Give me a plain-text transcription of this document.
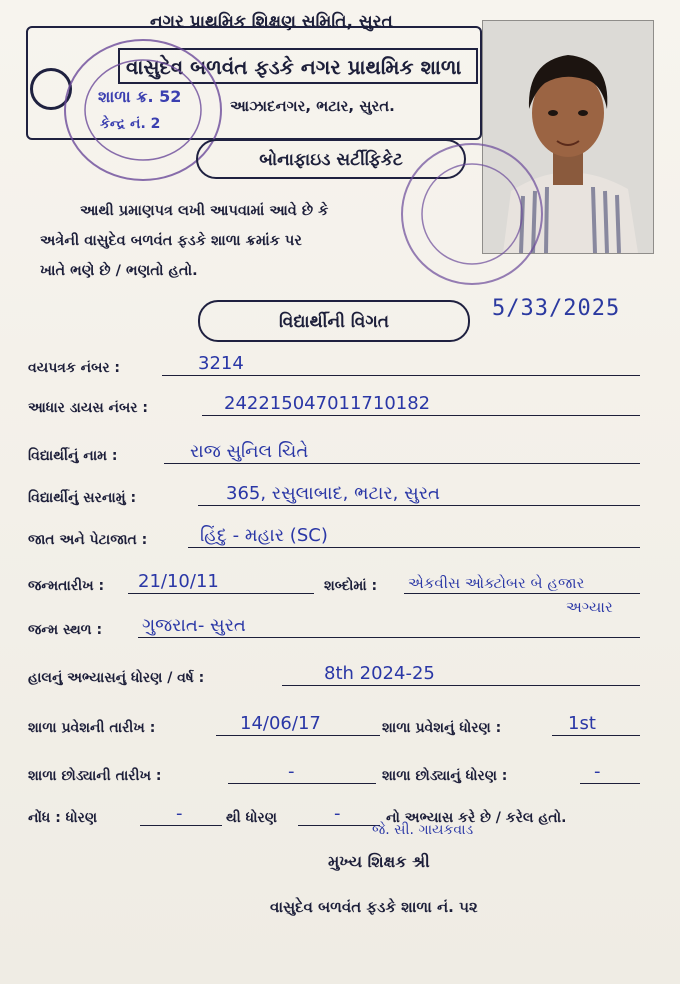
નગર પ્રાથમિક શિક્ષણ સમિતિ, સુરત
વાસુદેવ બળવંત ફડકે નગર પ્રાથમિક શાળા
આઝાદનગર, ભટાર, સુરત.
શાળા ક્ર. 52
કેન્દ્ર નં. 2
બોનાફાઇડ સર્ટીફિકેટ
આથી પ્રમાણપત્ર લખી આપવામાં આવે છે કે
અત્રેની વાસુદેવ બળવંત ફડકે શાળા ક્રમાંક પર
ખાતે ભણે છે / ભણતો હતો.
વિદ્યાર્થીની વિગત
5/33/2025
વયપત્રક નંબર :	3214
આધાર ડાયસ નંબર :	242215047011710182
વિદ્યાર્થીનું નામ :	રાજ સુનિલ ચિતે
વિદ્યાર્થીનું સરનામું :	365, રસુલાબાદ, ભટાર, સુરત
જાત અને પેટાજાત :	હિંદુ - મહાર (SC)
જન્મતારીખ : 21/10/11	શબ્દોમાં : એકવીસ ઓક્ટોબર બે હજાર
અગ્યાર
જન્મ સ્થળ : ગુજરાત- સુરત
હાલનું અભ્યાસનું ધોરણ / વર્ષ :	8th 2024-25
શાળા પ્રવેશની તારીખ :	14/06/17	શાળા પ્રવેશનું ધોરણ :	1st
શાળા છોડ્યાની તારીખ :	-	શાળા છોડ્યાનું ધોરણ :	-
નોંધ : ધોરણ	-	થી ધોરણ	-	નો અભ્યાસ કરે છે / કરેલ હતો.
જે. સી. ગાયકવાડ
મુખ્ય શિક્ષક શ્રી
વાસુદેવ બળવંત ફડકે શાળા નં. ૫૨
